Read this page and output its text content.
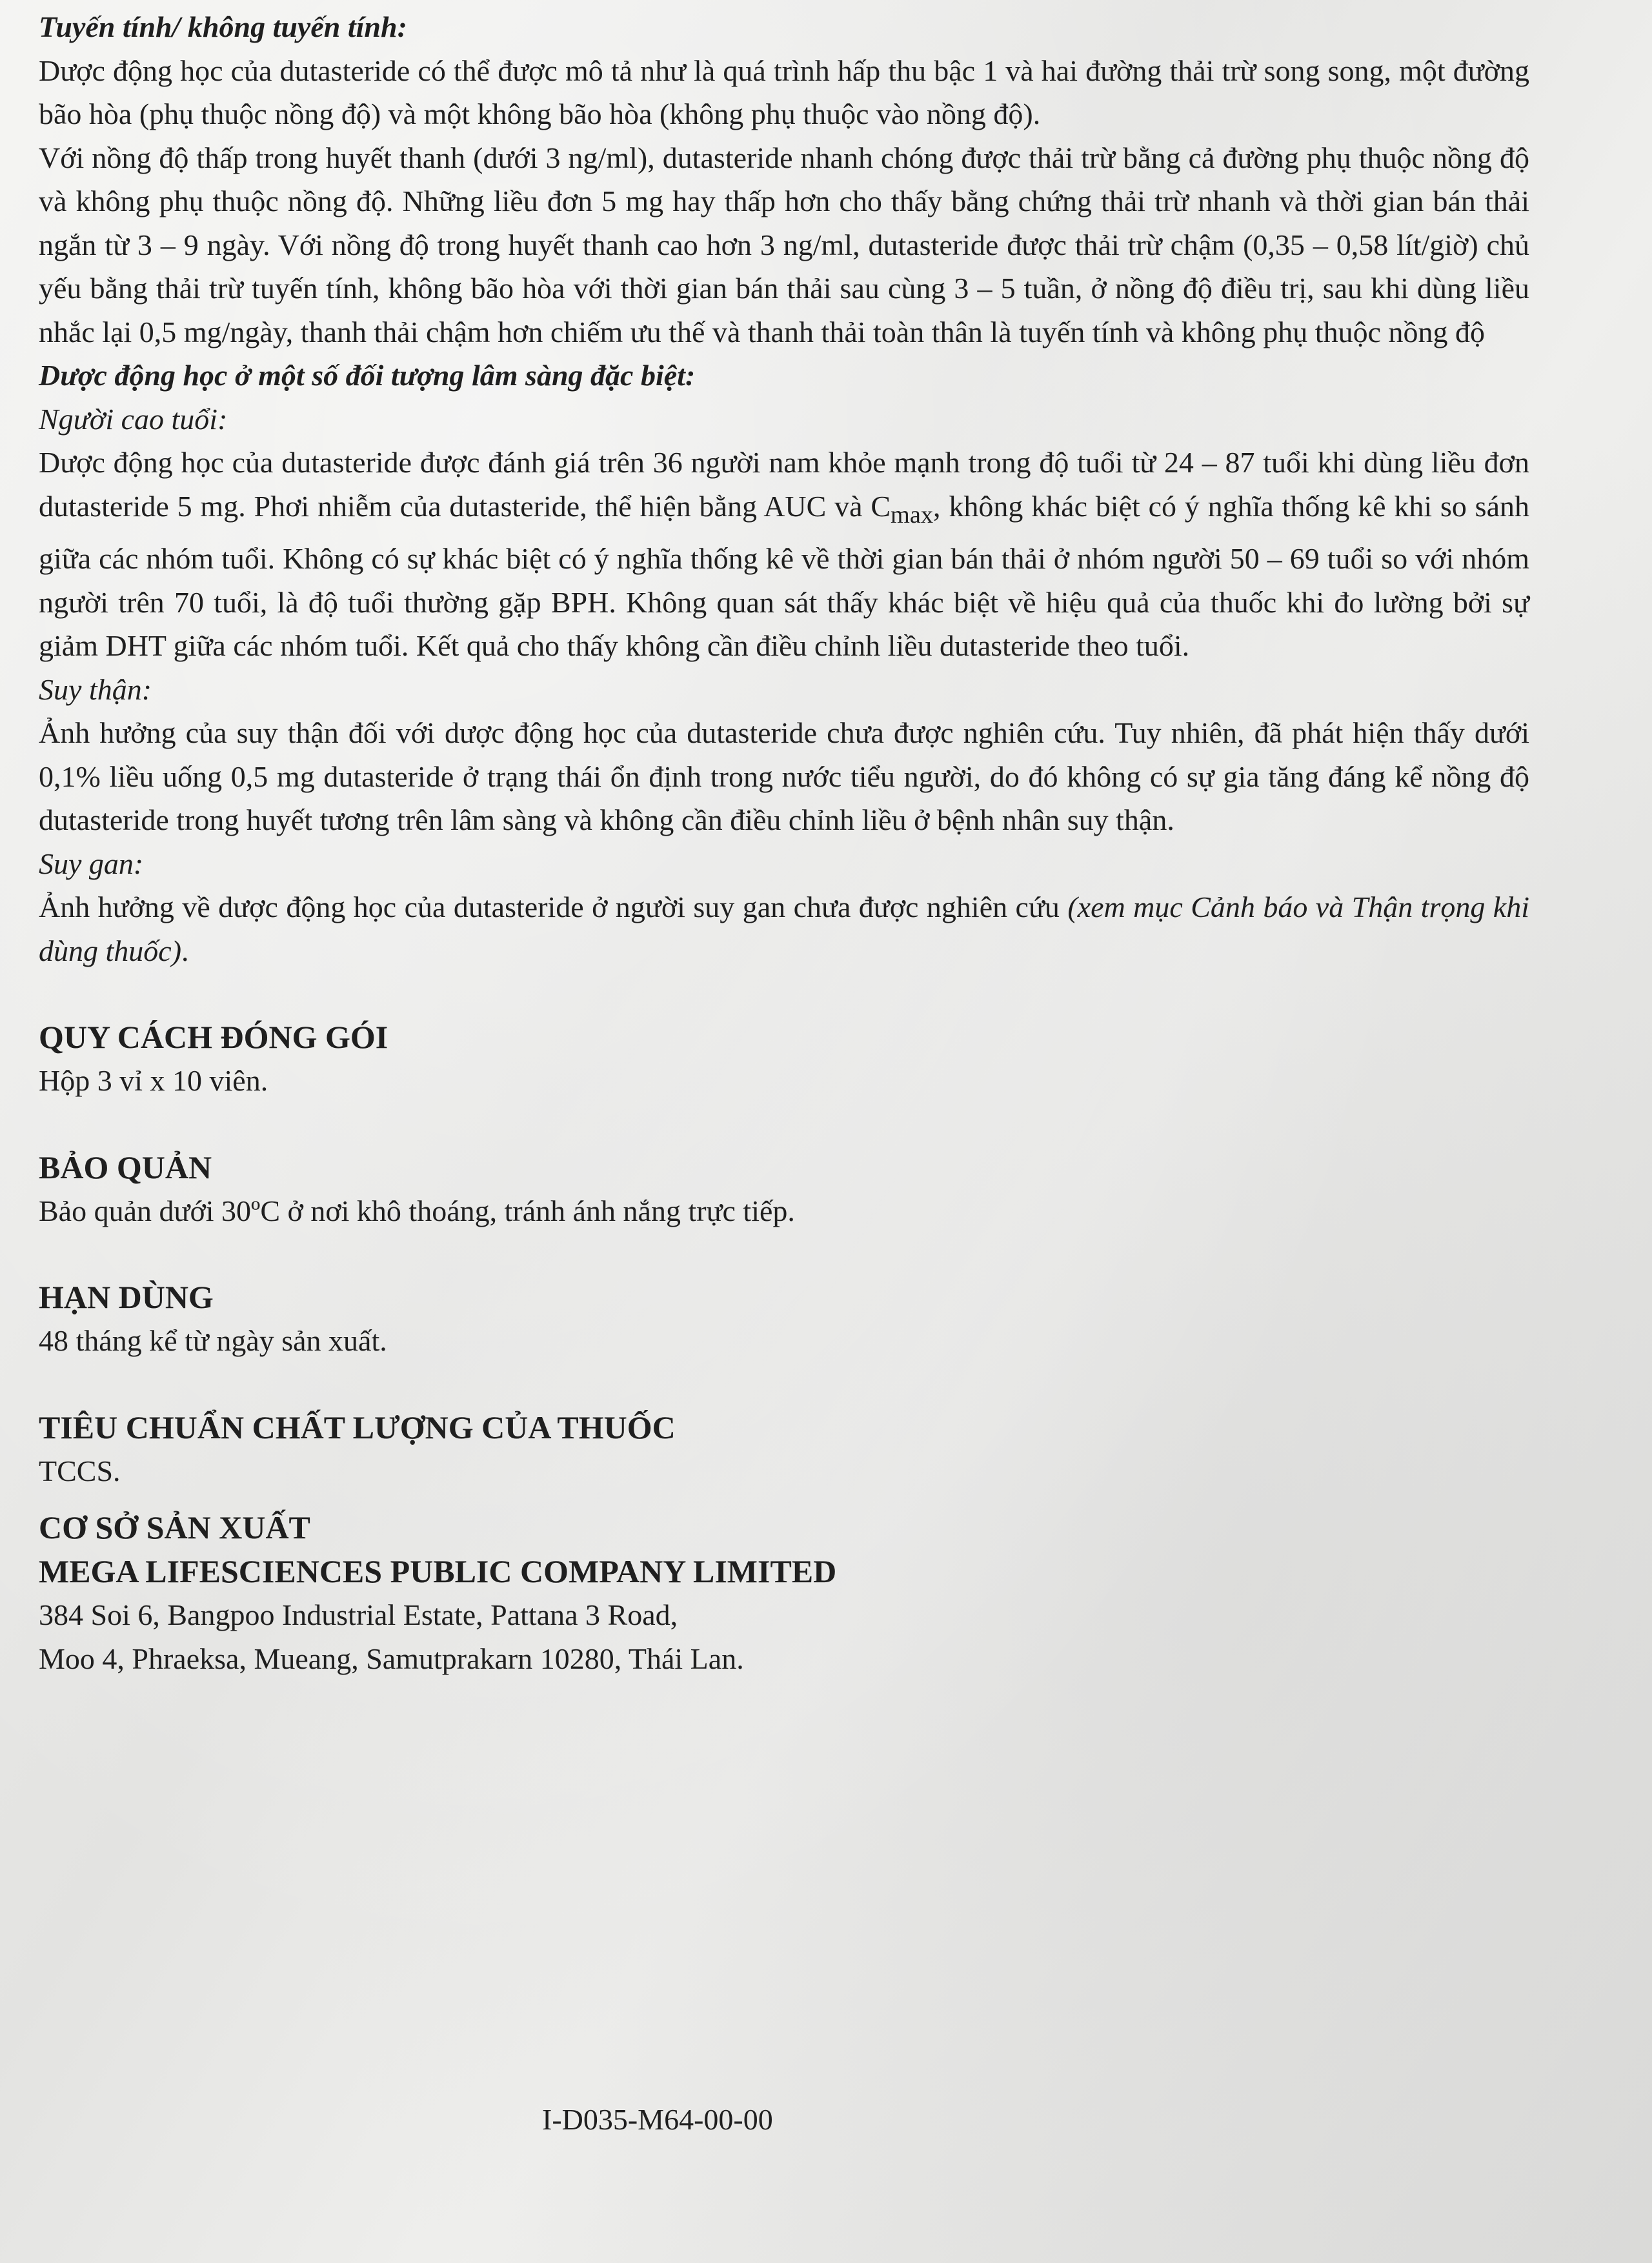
Tuyến tính/ không tuyến tính:

Dược động học của dutasteride có thể được mô tả như là quá trình hấp thu bậc 1 và hai đường thải trừ song song, một đường bão hòa (phụ thuộc nồng độ) và một không bão hòa (không phụ thuộc vào nồng độ).

Với nồng độ thấp trong huyết thanh (dưới 3 ng/ml), dutasteride nhanh chóng được thải trừ bằng cả đường phụ thuộc nồng độ và không phụ thuộc nồng độ. Những liều đơn 5 mg hay thấp hơn cho thấy bằng chứng thải trừ nhanh và thời gian bán thải ngắn từ 3 – 9 ngày. Với nồng độ trong huyết thanh cao hơn 3 ng/ml, dutasteride được thải trừ chậm (0,35 – 0,58 lít/giờ) chủ yếu bằng thải trừ tuyến tính, không bão hòa với thời gian bán thải sau cùng 3 – 5 tuần, ở nồng độ điều trị, sau khi dùng liều nhắc lại 0,5 mg/ngày, thanh thải chậm hơn chiếm ưu thế và thanh thải toàn thân là tuyến tính và không phụ thuộc nồng độ

Dược động học ở một số đối tượng lâm sàng đặc biệt:

Người cao tuổi:

Dược động học của dutasteride được đánh giá trên 36 người nam khỏe mạnh trong độ tuổi từ 24 – 87 tuổi khi dùng liều đơn dutasteride 5 mg. Phơi nhiễm của dutasteride, thể hiện bằng AUC và $C_{max}$, không khác biệt có ý nghĩa thống kê khi so sánh giữa các nhóm tuổi. Không có sự khác biệt có ý nghĩa thống kê về thời gian bán thải ở nhóm người 50 – 69 tuổi so với nhóm người trên 70 tuổi, là độ tuổi thường gặp BPH. Không quan sát thấy khác biệt về hiệu quả của thuốc khi đo lường bởi sự giảm DHT giữa các nhóm tuổi. Kết quả cho thấy không cần điều chỉnh liều dutasteride theo tuổi.

Suy thận:

Ảnh hưởng của suy thận đối với dược động học của dutasteride chưa được nghiên cứu. Tuy nhiên, đã phát hiện thấy dưới 0,1% liều uống 0,5 mg dutasteride ở trạng thái ổn định trong nước tiểu người, do đó không có sự gia tăng đáng kể nồng độ dutasteride trong huyết tương trên lâm sàng và không cần điều chỉnh liều ở bệnh nhân suy thận.

Suy gan:

Ảnh hưởng về dược động học của dutasteride ở người suy gan chưa được nghiên cứu (xem mục Cảnh báo và Thận trọng khi dùng thuốc).

QUY CÁCH ĐÓNG GÓI

Hộp 3 vỉ x 10 viên.

BẢO QUẢN

Bảo quản dưới 30ºC ở nơi khô thoáng, tránh ánh nắng trực tiếp.

HẠN DÙNG

48 tháng kể từ ngày sản xuất.

TIÊU CHUẨN CHẤT LƯỢNG CỦA THUỐC

TCCS.

CƠ SỞ SẢN XUẤT

MEGA LIFESCIENCES PUBLIC COMPANY LIMITED

384 Soi 6, Bangpoo Industrial Estate, Pattana 3 Road,

Moo 4, Phraeksa, Mueang, Samutprakarn 10280, Thái Lan.

I-D035-M64-00-00
